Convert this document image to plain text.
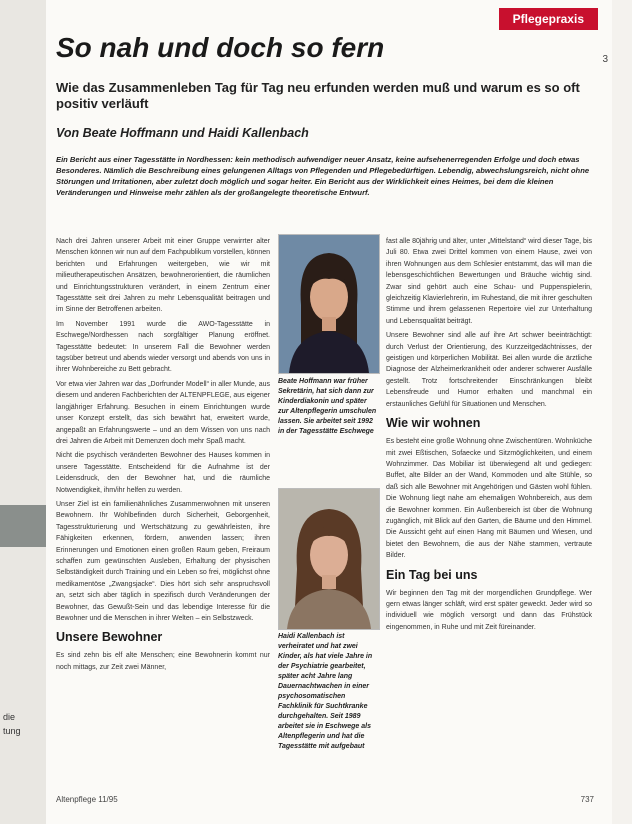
die
tung
Pflegepraxis
3
So nah und doch so fern

Wie das Zusammenleben Tag für Tag neu erfunden werden muß und warum es so oft positiv verläuft

Von Beate Hoffmann und Haidi Kallenbach

Ein Bericht aus einer Tagesstätte in Nordhessen: kein methodisch aufwendiger neuer Ansatz, keine aufsehenerregenden Erfolge und doch etwas Besonderes. Nämlich die Beschreibung eines gelungenen Alltags von Pflegenden und Pflegebedürftigen. Lebendig, abwechslungsreich, nicht ohne Störungen und Irritationen, aber zuletzt doch möglich und sogar heiter. Ein Bericht aus der Wirklichkeit eines Heimes, bei dem die kleinen Veränderungen und Hinweise mehr zählen als der großangelegte theoretische Entwurf.

Nach drei Jahren unserer Arbeit mit einer Gruppe verwirrter alter Menschen können wir nun auf dem Fachpublikum vorstellen, können berichten und Erfahrungen weitergeben, wie wir mit milieutherapeutischen Ansätzen, bewohnerorientiert, die räumlichen und Einrichtungsstrukturen verändert, in einem Zentrum einer Tagesstätte seit drei Jahren zu mehr Lebensqualität beitragen und im Sinne der Betroffenen arbeiten.

Im November 1991 wurde die AWO-Tagesstätte in Eschwege/Nordhessen nach sorgfältiger Planung eröffnet. Tagesstätte bedeutet: In unserem Fall die Bewohner werden tagsüber betreut und abends wieder versorgt und abends von uns in ihrer Wohnbereiche zu Bett gebracht.

Vor etwa vier Jahren war das „Dorfrunder Modell“ in aller Munde, aus diesem und anderen Fachberichten der ALTENPFLEGE, aus eigener langjähriger Erfahrung. Besuchen in einem Einrichtungen wurde unser Konzept erstellt, das sich bewährt hat, erweitert wurde, angepaßt an Erfahrungswerte – und an dem Wissen von uns nach drei Jahren die Arbeit mit Demenzen doch mehr Spaß macht.

Nicht die psychisch veränderten Bewohner des Hauses kommen in unsere Tagesstätte. Entscheidend für die Aufnahme ist der Leidensdruck, den der Bewohner hat, und die räumliche Notwendigkeit, ihm/ihr helfen zu werden.

Unser Ziel ist ein familienähnliches Zusammenwohnen mit unseren Bewohnern. Ihr Wohlbefinden durch Sicherheit, Geborgenheit, Tagesstrukturierung und Wertschätzung zu gewährleisten, ihre Fähigkeiten erkennen, fördern, anwenden lassen; ihren Erinnerungen und Emotionen einen großen Raum geben, Freiraum schaffen zum gewünschten Ausleben, Erhaltung der physischen Selbständigkeit durch Training und ein Leben so frei, möglichst ohne medikamentöse „Zwangsjacke“. Dies hört sich sehr anspruchsvoll an, setzt sich aber täglich in spezifisch durch Veränderungen der Bewohner, das Gewußt-Sein und das lebendige Interesse für die Bewohner und die Menschen in ihrer Welten – ein Selbstzweck.

Unsere Bewohner

Es sind zehn bis elf alte Menschen; eine Bewohnerin kommt nur noch mittags, zur Zeit zwei Männer,

Beate Hoffmann war früher Sekretärin, hat sich dann zur Kinderdiakonin und später zur Altenpflegerin umschulen lassen. Sie arbeitet seit 1992 in der Tagesstätte Eschwege

Haidi Kallenbach ist verheiratet und hat zwei Kinder, als hat viele Jahre in der Psychiatrie gearbeitet, später acht Jahre lang Dauernachtwachen in einer psychosomatischen Fachklinik für Suchtkranke durchgehalten. Seit 1989 arbeitet sie in Eschwege als Altenpflegerin und hat die Tagesstätte mit aufgebaut

fast alle 80jährig und älter, unter „Mittelstand“ wird dieser Tage, bis Juli 80. Etwa zwei Drittel kommen von einem Hause, zwei von ihren Wohnungen aus dem Schlesier entstammt, das will man die lebensgeschichtlichen Bewertungen und Bräuche wichtig sind. Zwar sind gehört auch eine Schau- und Puppenspielerin, gleichzeitig Klavierlehrerin, im Ruhestand, die mit ihrer geschulten Stimme und ihrem gelassenen Repertoire viel zur Unterhaltung und Lebensqualität beiträgt.

Unsere Bewohner sind alle auf ihre Art schwer beeinträchtigt: durch Verlust der Orientierung, des Kurzzeitgedächtnisses, der geistigen und körperlichen Mobilität. Bei allen wurde die ärztliche Diagnose der Alzheimerkrankheit oder anderer schwerer Ausfälle gestellt. Trotz fortschreitender Einschränkungen bleibt Lebensfreude und Humor erhalten und manchmal ein erstaunliches Gefühl für Situationen und Menschen.

Wie wir wohnen

Es besteht eine große Wohnung ohne Zwischentüren. Wohnküche mit zwei Eßtischen, Sofaecke und Sitzmöglichkeiten, und einem Wohnzimmer. Das Mobiliar ist überwiegend alt und gediegen: Buffet, alte Bilder an der Wand, Kommoden und alte Stühle, so daß sich alle Bewohner mit Angehörigen und Gästen wohl fühlen. Die Wohnung liegt nahe am ehemaligen Wohnbereich, aus dem die Bewohner kommen. Ein Außenbereich ist über die Wohnung zugänglich, mit Blick auf den Garten, die Bäume und den Himmel. Die Aussicht geht auf einen Hang mit Bäumen und Wiesen, und bietet den Bewohnern, die aus der Nähe stammen, vertraute Bilder.

Ein Tag bei uns

Wir beginnen den Tag mit der morgendlichen Grundpflege. Wer gern etwas länger schläft, wird erst später geweckt. Jeder wird so individuell wie möglich versorgt und dann das Frühstück eingenommen, in Ruhe und mit Zeit füreinander.

Altenpflege 11/95	737
